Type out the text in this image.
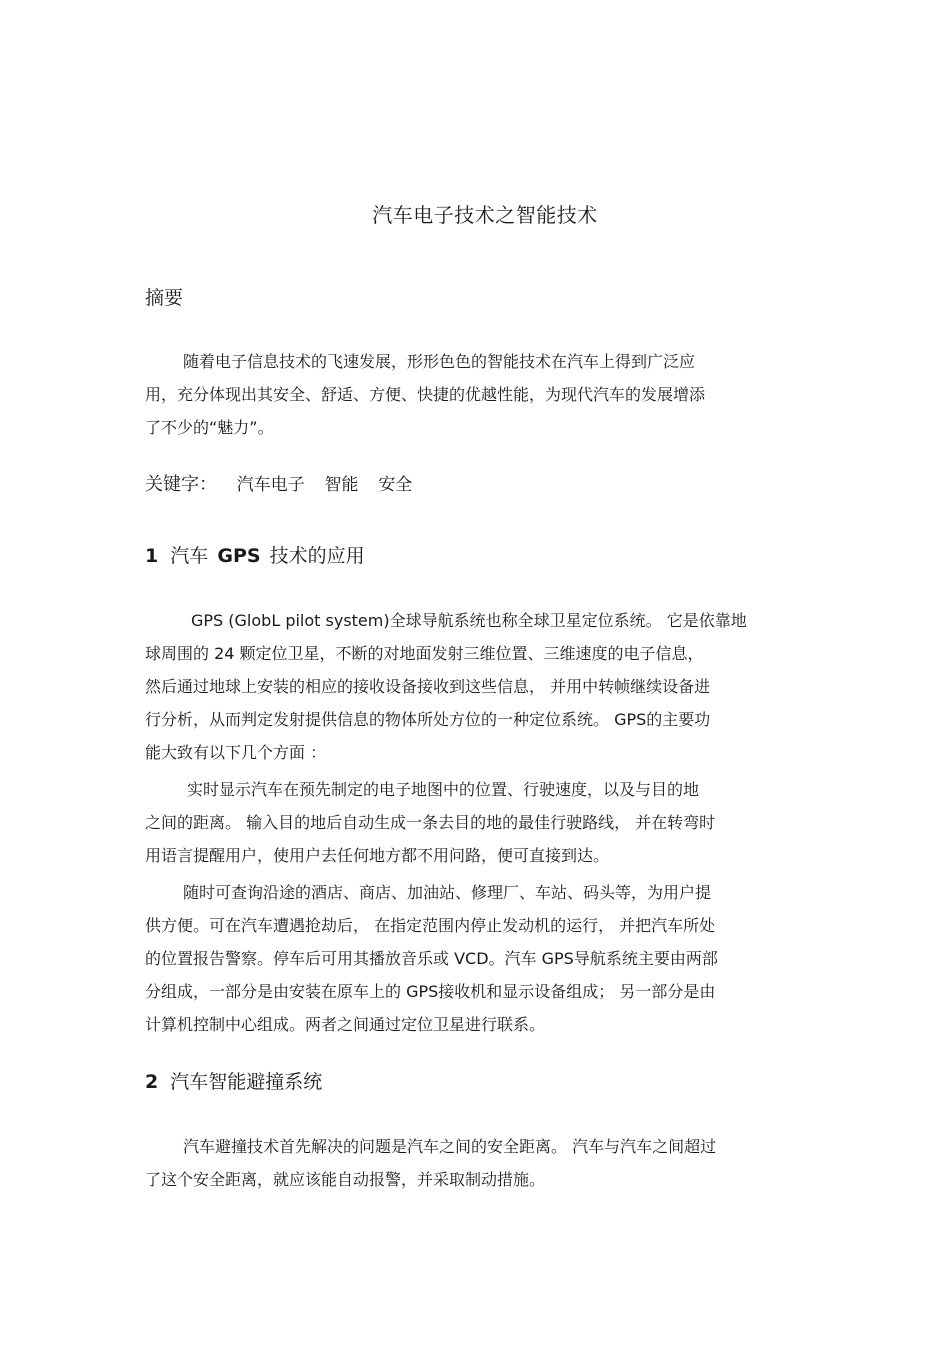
汽车电子技术之智能技术
摘要

随着电子信息技术的飞速发展，形形色色的智能技术在汽车上得到广泛应
用，充分体现出其安全、舒适、方便、快捷的优越性能，为现代汽车的发展增添
了不少的“魅力”。

关键字： 汽车电子 智能 安全
1 汽车 GPS 技术的应用

GPS (GlobL pilot system)全球导航系统也称全球卫星定位系统。 它是依靠地
球周围的 24 颗定位卫星，不断的对地面发射三维位置、三维速度的电子信息，
然后通过地球上安装的相应的接收设备接收到这些信息， 并用中转帧继续设备进
行分析，从而判定发射提供信息的物体所处方位的一种定位系统。 GPS的主要功
能大致有以下几个方面 ：

实时显示汽车在预先制定的电子地图中的位置、行驶速度，以及与目的地
之间的距离。 输入目的地后自动生成一条去目的地的最佳行驶路线， 并在转弯时
用语言提醒用户，使用户去任何地方都不用问路，便可直接到达。

随时可查询沿途的酒店、商店、加油站、修理厂、车站、码头等，为用户提
供方便。可在汽车遭遇抢劫后， 在指定范围内停止发动机的运行， 并把汽车所处
的位置报告警察。停车后可用其播放音乐或 VCD。汽车 GPS导航系统主要由两部
分组成，一部分是由安装在原车上的 GPS接收机和显示设备组成； 另一部分是由
计算机控制中心组成。两者之间通过定位卫星进行联系。

2 汽车智能避撞系统

汽车避撞技术首先解决的问题是汽车之间的安全距离。 汽车与汽车之间超过
了这个安全距离，就应该能自动报警，并采取制动措施。
